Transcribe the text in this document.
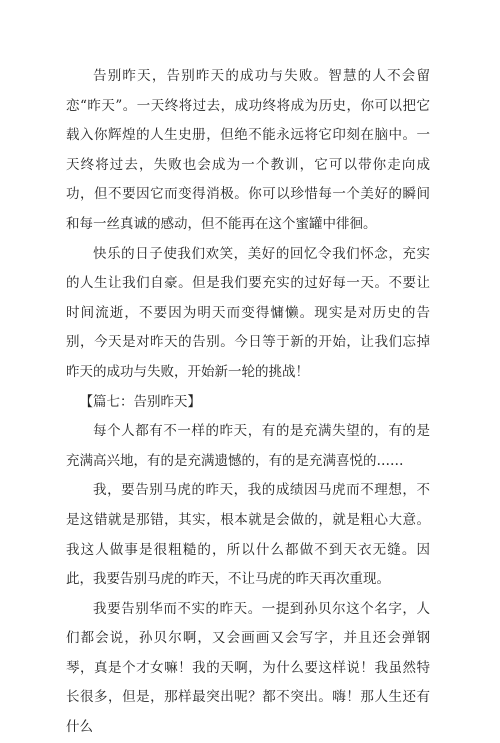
告别昨天，告别昨天的成功与失败。智慧的人不会留恋“昨天”。一天终将过去，成功终将成为历史，你可以把它载入你辉煌的人生史册，但绝不能永远将它印刻在脑中。一天终将过去，失败也会成为一个教训，它可以带你走向成功，但不要因它而变得消极。你可以珍惜每一个美好的瞬间和每一丝真诚的感动，但不能再在这个蜜罐中徘徊。

快乐的日子使我们欢笑，美好的回忆令我们怀念，充实的人生让我们自豪。但是我们要充实的过好每一天。不要让时间流逝，不要因为明天而变得慵懒。现实是对历史的告别，今天是对昨天的告别。今日等于新的开始，让我们忘掉昨天的成功与失败，开始新一轮的挑战！

【篇七：告别昨天】

每个人都有不一样的昨天，有的是充满失望的，有的是充满高兴地，有的是充满遗憾的，有的是充满喜悦的……

我，要告别马虎的昨天，我的成绩因马虎而不理想，不是这错就是那错，其实，根本就是会做的，就是粗心大意。我这人做事是很粗糙的，所以什么都做不到天衣无缝。因此，我要告别马虎的昨天，不让马虎的昨天再次重现。

我要告别华而不实的昨天。一提到孙贝尔这个名字，人们都会说，孙贝尔啊，又会画画又会写字，并且还会弹钢琴，真是个才女嘛！我的天啊，为什么要这样说！我虽然特长很多，但是，那样最突出呢？都不突出。嗨！那人生还有什么
